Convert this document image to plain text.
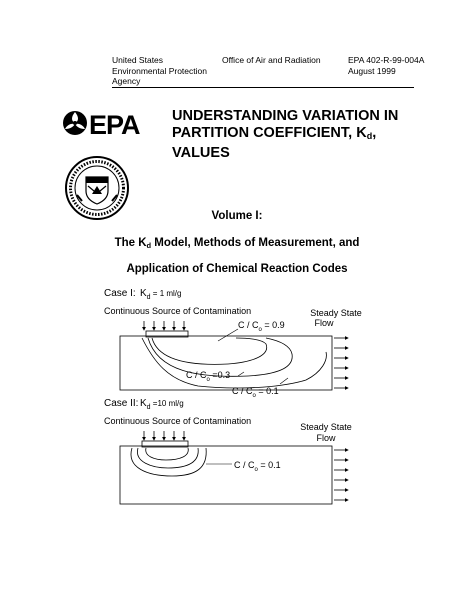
United States
Environmental Protection
Agency
Office of Air and Radiation	EPA 402-R-99-004A
August 1999
EPA UNDERSTANDING VARIATION IN
PARTITION COEFFICIENT, $K_d$, VALUES
Volume I:
The $K_d$ Model, Methods of Measurement, and
Application of Chemical Reaction Codes
Case I: $K_d$ $^{= 1 ml/g}$
Continuous Source of Contamination	Steady State
Flow
$C / C_o = 0.9$
$C / C_o =0.3$
$C / C_o = 0.1$
Case II: $K_d$ $^{=10 ml/g}$
Continuous Source of Contamination
Steady State
Flow
$C / C_o = 0.1$
